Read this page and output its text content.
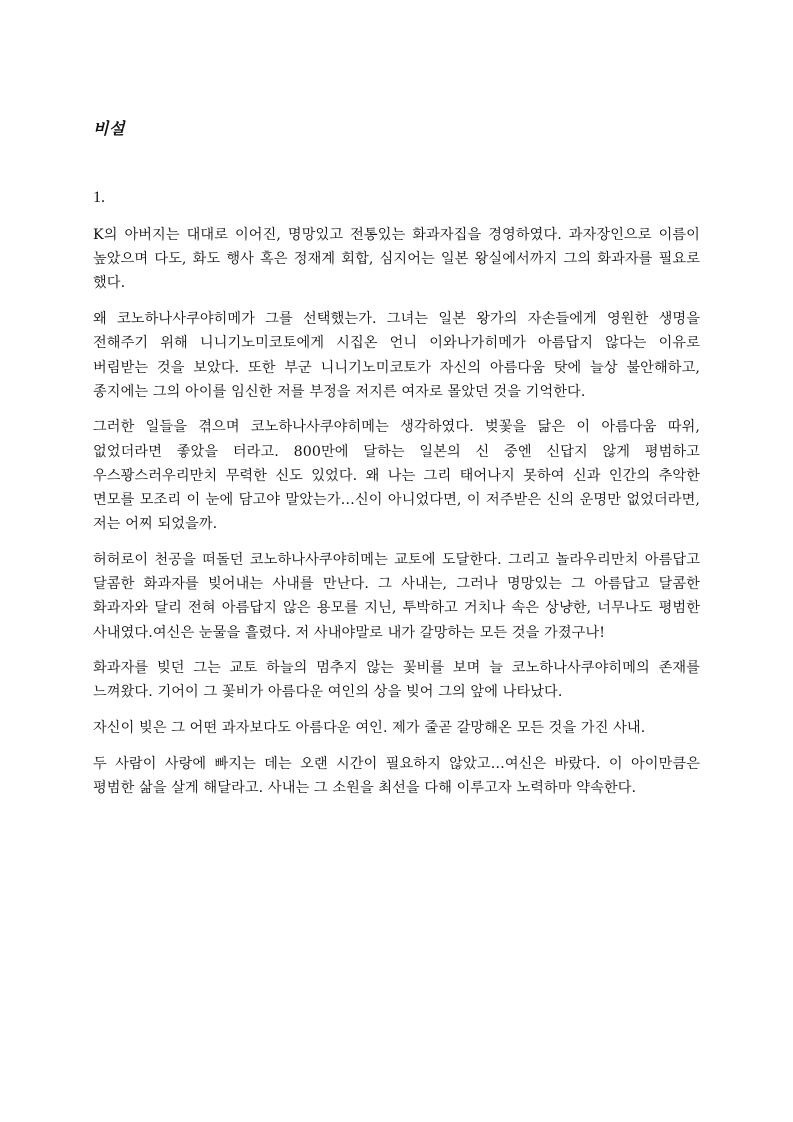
비설
1.

K의 아버지는 대대로 이어진, 명망있고 전통있는 화과자집을 경영하였다. 과자장인으로 이름이 높았으며 다도, 화도 행사 혹은 정재계 회합, 심지어는 일본 왕실에서까지 그의 화과자를 필요로 했다.

왜 코노하나사쿠야히메가 그를 선택했는가. 그녀는 일본 왕가의 자손들에게 영원한 생명을 전해주기 위해 니니기노미코토에게 시집온 언니 이와나가히메가 아름답지 않다는 이유로 버림받는 것을 보았다. 또한 부군 니니기노미코토가 자신의 아름다움 탓에 늘상 불안해하고, 종지에는 그의 아이를 임신한 저를 부정을 저지른 여자로 몰았던 것을 기억한다.

그러한 일들을 겪으며 코노하나사쿠야히메는 생각하였다. 벚꽃을 닮은 이 아름다움 따위, 없었더라면 좋았을 터라고. 800만에 달하는 일본의 신 중엔 신답지 않게 평범하고 우스꽝스러우리만치 무력한 신도 있었다. 왜 나는 그리 태어나지 못하여 신과 인간의 추악한 면모를 모조리 이 눈에 담고야 말았는가…신이 아니었다면, 이 저주받은 신의 운명만 없었더라면, 저는 어찌 되었을까.

허허로이 천공을 떠돌던 코노하나사쿠야히메는 교토에 도달한다. 그리고 놀라우리만치 아름답고 달콤한 화과자를 빚어내는 사내를 만난다. 그 사내는, 그러나 명망있는 그 아름답고 달콤한 화과자와 달리 전혀 아름답지 않은 용모를 지닌, 투박하고 거치나 속은 상냥한, 너무나도 평범한 사내였다.여신은 눈물을 흘렸다. 저 사내야말로 내가 갈망하는 모든 것을 가졌구나!

화과자를 빚던 그는 교토 하늘의 멈추지 않는 꽃비를 보며 늘 코노하나사쿠야히메의 존재를 느껴왔다. 기어이 그 꽃비가 아름다운 여인의 상을 빚어 그의 앞에 나타났다.

자신이 빚은 그 어떤 과자보다도 아름다운 여인. 제가 줄곧 갈망해온 모든 것을 가진 사내.

두 사람이 사랑에 빠지는 데는 오랜 시간이 필요하지 않았고…여신은 바랐다. 이 아이만큼은 평범한 삶을 살게 해달라고. 사내는 그 소원을 최선을 다해 이루고자 노력하마 약속한다.
